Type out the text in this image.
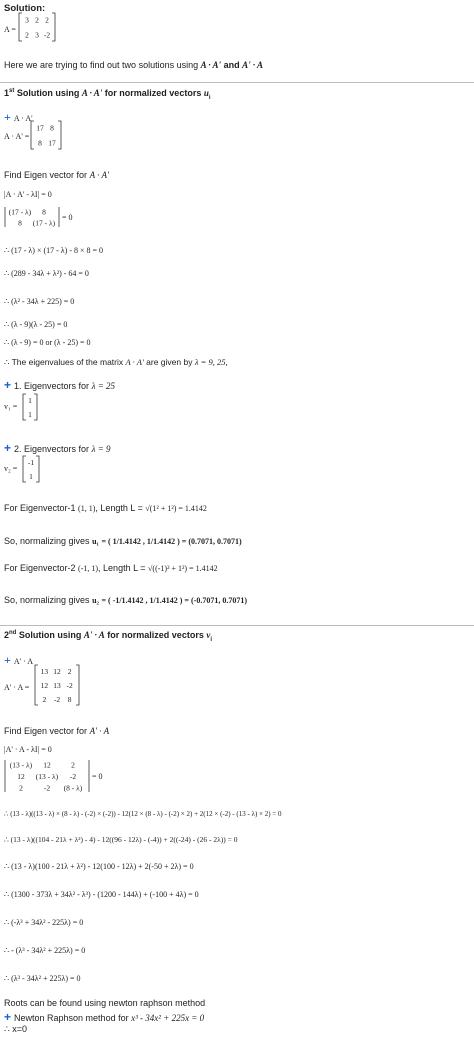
Solution:
A =
3 2 2
2 3 -2
Here we are trying to find out two solutions using A · A' and A' · A
1st Solution using A · A' for normalized vectors $u_i$
+ A · A'
A · A' =
17 8
8 17
Find Eigen vector for A · A'
|A · A' - λI| = 0
(17 - λ) 8
8 (17 - λ)
= 0
∴ (17 - λ) × (17 - λ) - 8 × 8 = 0
∴ (289 - 34λ + λ²) - 64 = 0
∴ (λ² - 34λ + 225) = 0
∴ (λ - 9)(λ - 25) = 0
∴ (λ - 9) = 0 or (λ - 25) = 0
∴ The eigenvalues of the matrix A · A' are given by λ = 9, 25,
+ 1. Eigenvectors for λ = 25
v₁ =
1
1
+ 2. Eigenvectors for λ = 9
v₂ =
-1
1
For Eigenvector-1 (1, 1), Length L = √(1² + 1²) = 1.4142
So, normalizing gives u₁ = ( 1/1.4142 , 1/1.4142 ) = (0.7071, 0.7071)
For Eigenvector-2 (-1, 1), Length L = √((-1)² + 1²) = 1.4142
So, normalizing gives u₂ = ( -1/1.4142 , 1/1.4142 ) = (-0.7071, 0.7071)
2nd Solution using A' · A for normalized vectors $v_i$
+ A' · A
A' · A =
13 12 2
12 13 -2
2 -2 8
Find Eigen vector for A' · A
|A' · A - λI| = 0
(13 - λ) 12	2
12 (13 - λ) -2
2	-2 (8 - λ)
= 0
∴ (13 - λ)((13 - λ) × (8 - λ) - (-2) × (-2)) - 12(12 × (8 - λ) - (-2) × 2) + 2(12 × (-2) - (13 - λ) × 2) = 0
∴ (13 - λ)((104 - 21λ + λ²) - 4) - 12((96 - 12λ) - (-4)) + 2((-24) - (26 - 2λ)) = 0
∴ (13 - λ)(100 - 21λ + λ²) - 12(100 - 12λ) + 2(-50 + 2λ) = 0
∴ (1300 - 373λ + 34λ² - λ³) - (1200 - 144λ) + (-100 + 4λ) = 0
∴ (-λ³ + 34λ² - 225λ) = 0
∴ - (λ³ - 34λ² + 225λ) = 0
∴ (λ³ - 34λ² + 225λ) = 0
Roots can be found using newton raphson method
+ Newton Raphson method for x³ - 34x² + 225x = 0
∴ x=0
